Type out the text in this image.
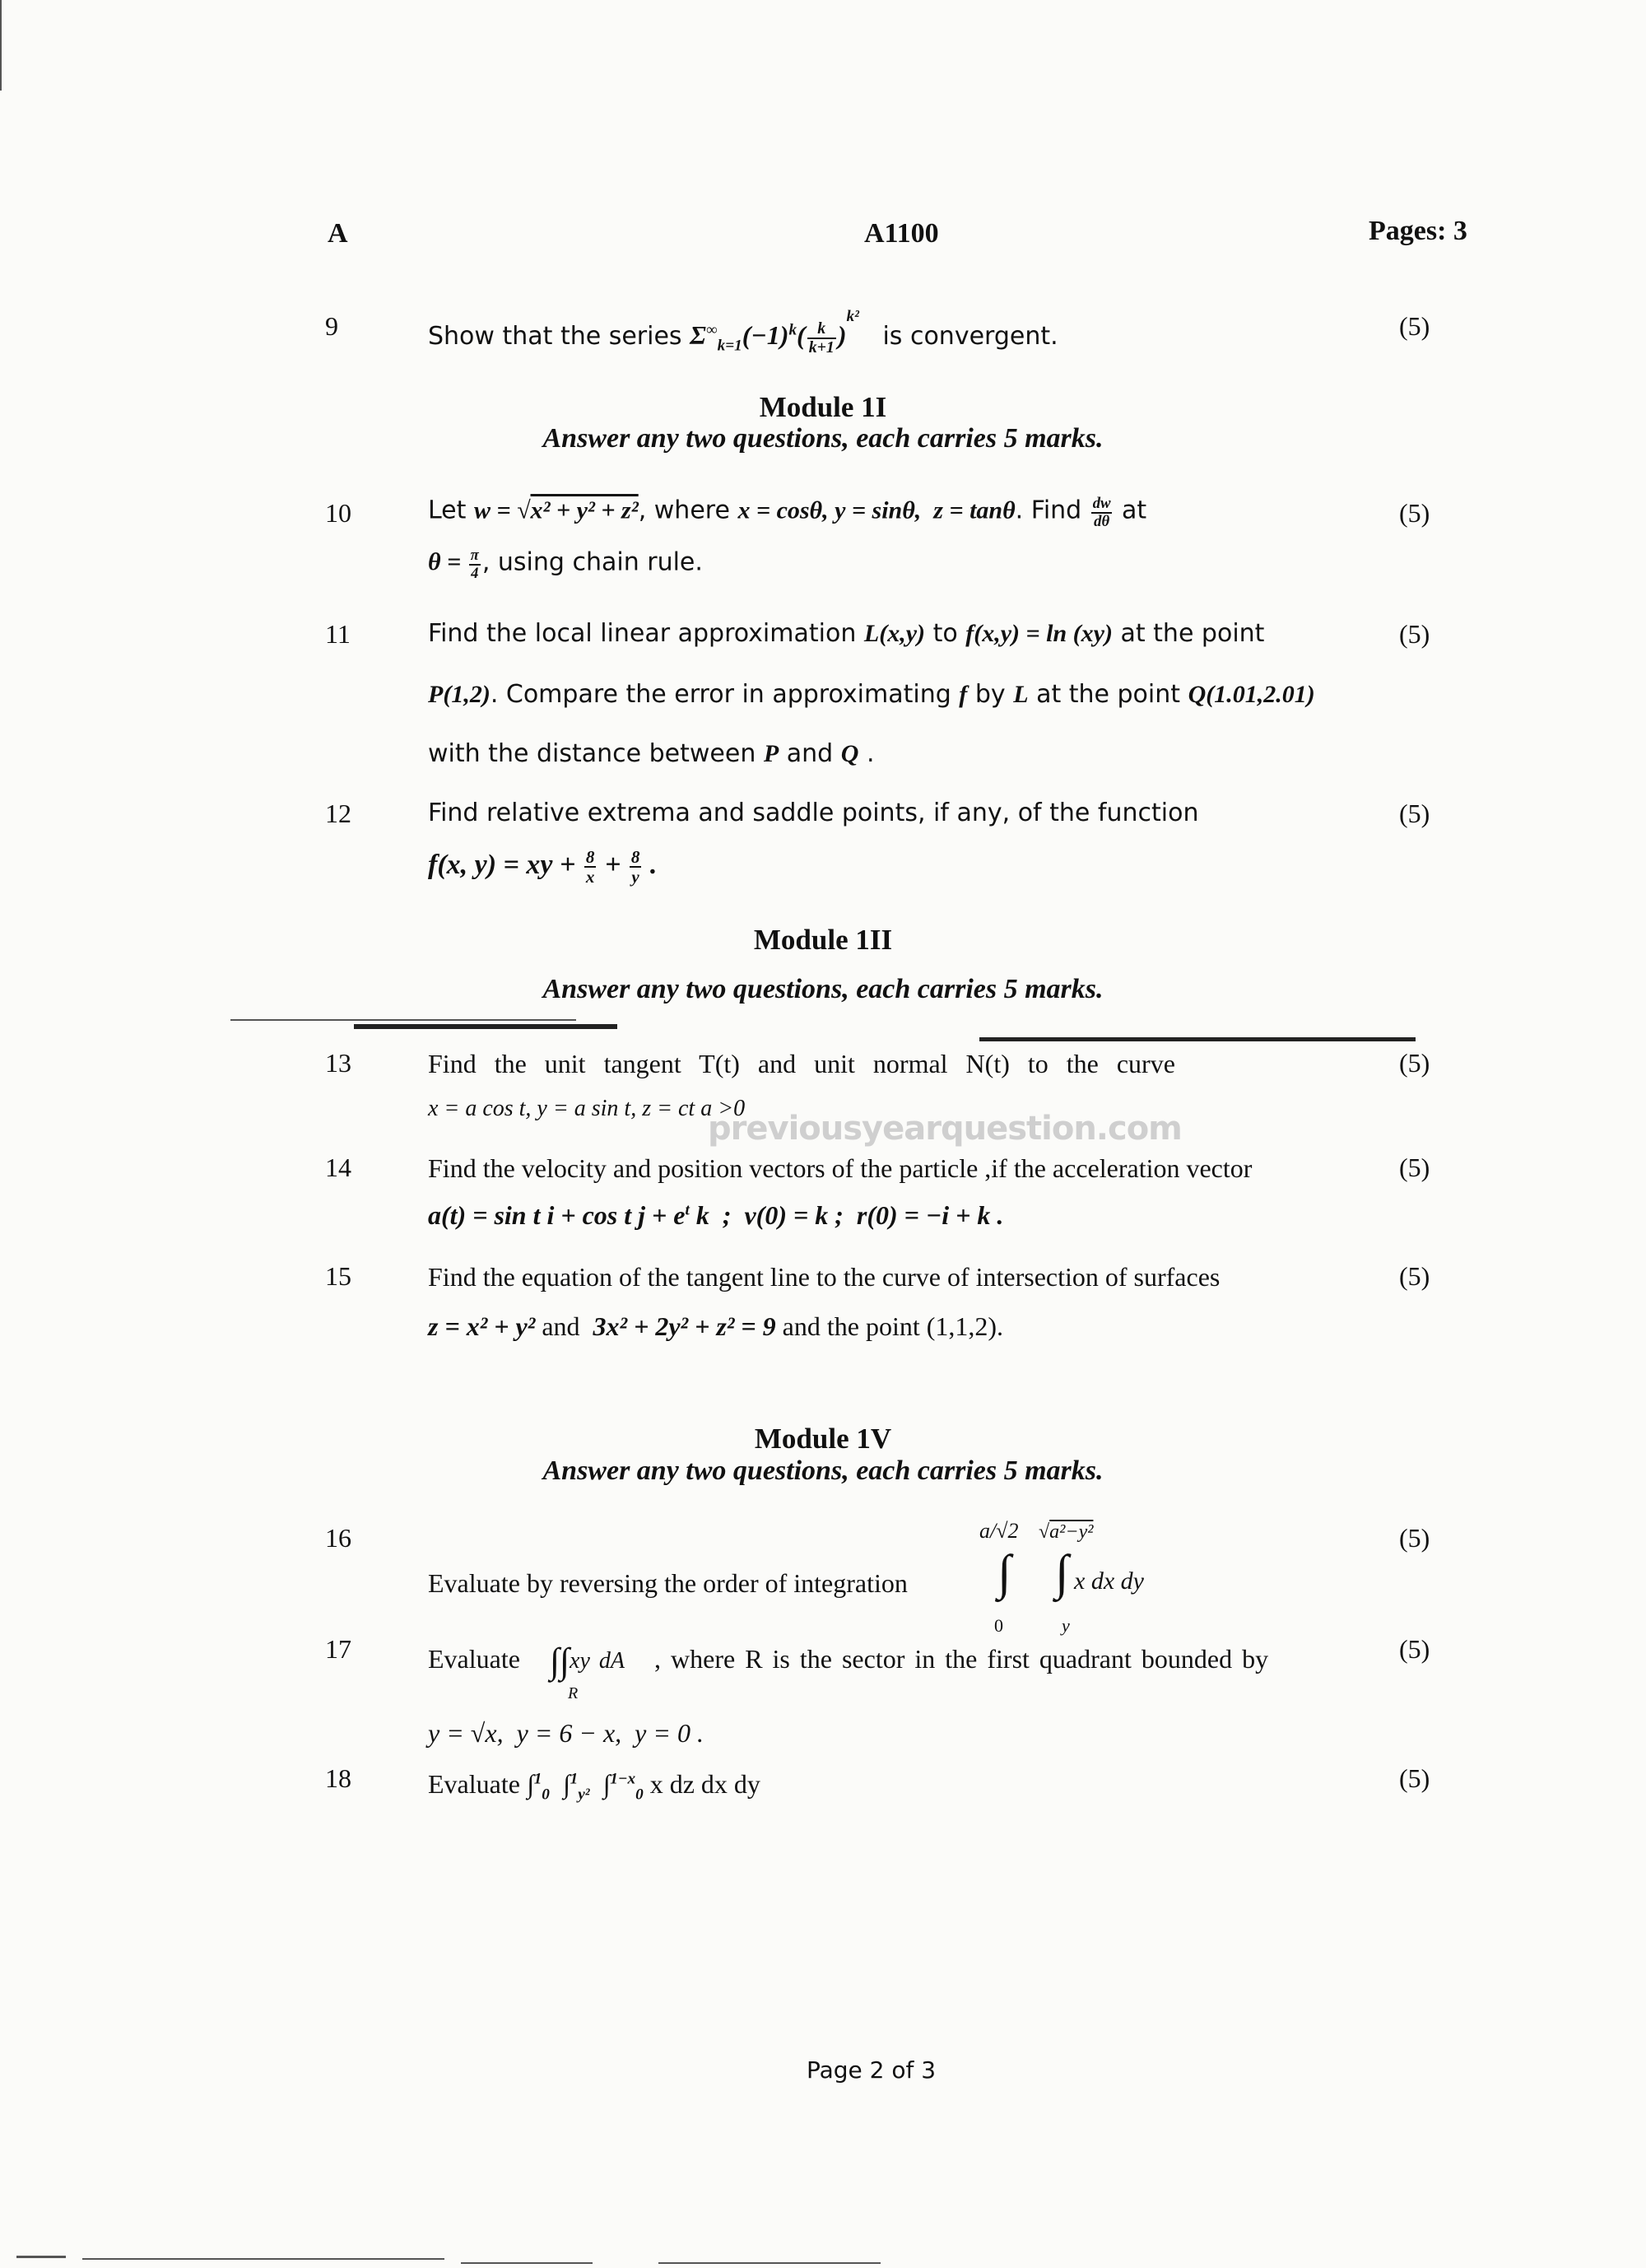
A	A1100	Pages: 3
9	(5)
Show that the series $\Sigma^\infty_{k=1}(-1)^k( \frac{k}{k+1} )^{k^2}$   is convergent.
Module 1I
Answer any two questions, each carries 5 marks.
10	(5)
Let w = √x² + y² + z², where x = cosθ, y = sinθ,  z = tanθ. Find $\frac{dw}{d\theta}$ at
$\theta = \frac{\pi}{4}$ , using chain rule.
11	(5)
Find the local linear approximation L(x,y) to f(x,y) = ln (xy) at the point
P(1,2). Compare the error in approximating f by L at the point Q(1.01,2.01)
with the distance between P and Q .
12	(5)
Find relative extrema and saddle points, if any, of the function
f(x, y) = xy + $\frac{8}{x} + \frac{8}{y}$ .
Module 1II
Answer any two questions, each carries 5 marks.
13	(5)
Find the unit tangent T(t) and unit normal N(t) to the curve
x = a cos t, y = a sin t, z = ct a >0
previousyearquestion.com
14	(5)
Find the velocity and position vectors of the particle ,if the acceleration vector
a(t) = sin t i + cos t $j + e^t$ k  ;  v(0) = k ;  r(0) = −i + k .
15	(5)
Find the equation of the tangent line to the curve of intersection of surfaces
z = x² + y² and  3x² + 2y² + z² = 9 and the point (1,1,2).
Module 1V
Answer any two questions, each carries 5 marks.
16	(5)
Evaluate by reversing the order of integration
a/√2
∫
0
√a²−y²
∫
y
x dx dy
17	(5)
Evaluate ∫∫xy dA , where R is the sector in the first quadrant bounded by
R
y = √x,  y = 6 − x,  y = 0 .
18	(5)
Evaluate ∫$^1_0$  ∫$^1_{y^2}$  ∫$^{1-x}_0$ x dz dx dy
Page 2 of 3
